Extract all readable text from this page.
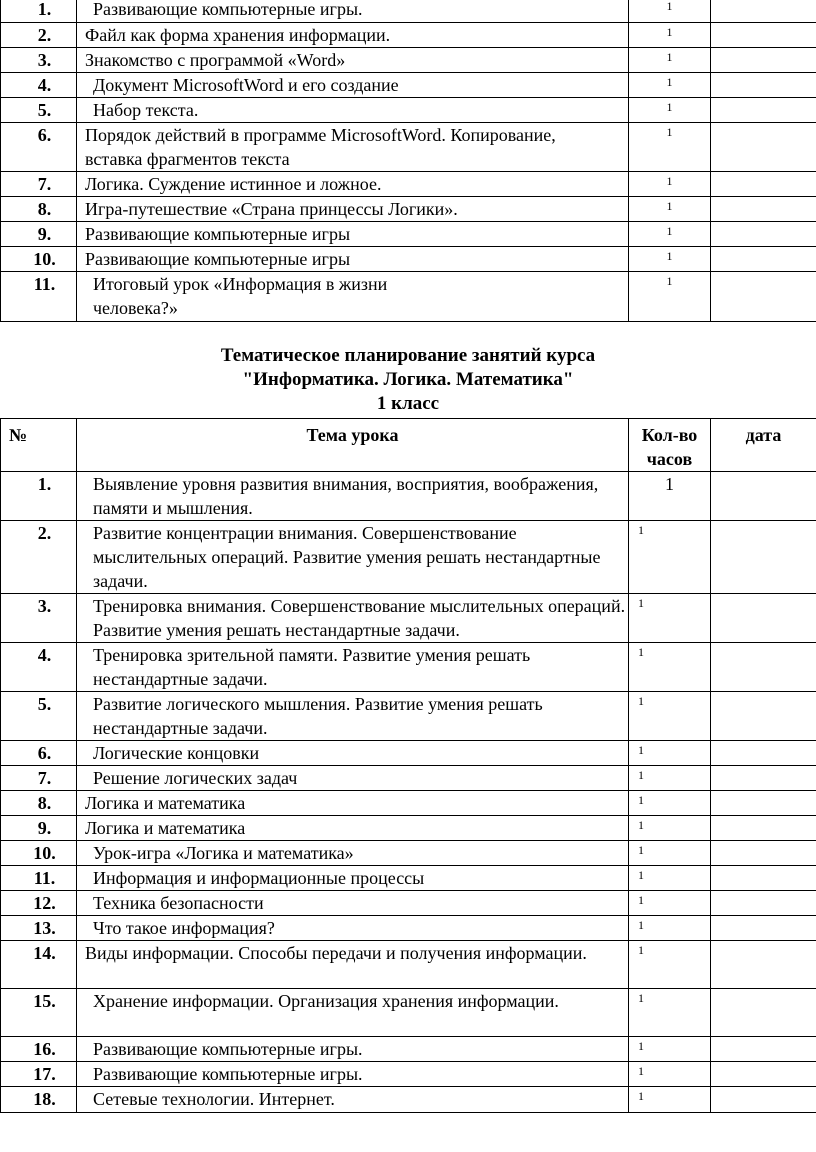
1.	Развивающие компьютерные игры.	1	
2.	Файл как форма хранения информации.	1	
3.	Знакомство с программой «Word»	1	
4.	Документ MicrosoftWord и его создание	1	
5.	Набор текста.	1	
6.	Порядок действий в программе MicrosoftWord. Копирование, вставка фрагментов текста	1	
7.	Логика. Суждение истинное и ложное.	1	
8.	Игра-путешествие «Страна принцессы Логики».	1	
9.	Развивающие компьютерные игры	1	
10.	Развивающие компьютерные игры	1	
11.	Итоговый урок «Информация в жизни человека?»	1	
Тематическое планирование занятий курса
"Информатика. Логика. Математика"
1 класс
№	Тема урока	Кол-во часов	дата
1.	Выявление уровня развития внимания, восприятия, воображения, памяти и мышления.	1	
2.	Развитие концентрации внимания. Совершенствование мыслительных операций. Развитие умения решать нестандартные задачи.	1	
3.	Тренировка внимания. Совершенствование мыслительных операций. Развитие умения решать нестандартные задачи.	1	
4.	Тренировка зрительной памяти. Развитие умения решать нестандартные задачи.	1	
5.	Развитие логического мышления. Развитие умения решать нестандартные задачи.	1	
6.	Логические концовки	1	
7.	Решение логических задач	1	
8.	Логика и математика	1	
9.	Логика и математика	1	
10.	Урок-игра «Логика и математика»	1	
11.	Информация и информационные процессы	1	
12.	Техника безопасности	1	
13.	Что такое информация?	1	
14.	Виды информации. Способы передачи и получения информации.	1	
15.	Хранение информации. Организация хранения информации.	1	
16.	Развивающие компьютерные игры.	1	
17.	Развивающие компьютерные игры.	1	
18.	Сетевые технологии. Интернет.	1	
